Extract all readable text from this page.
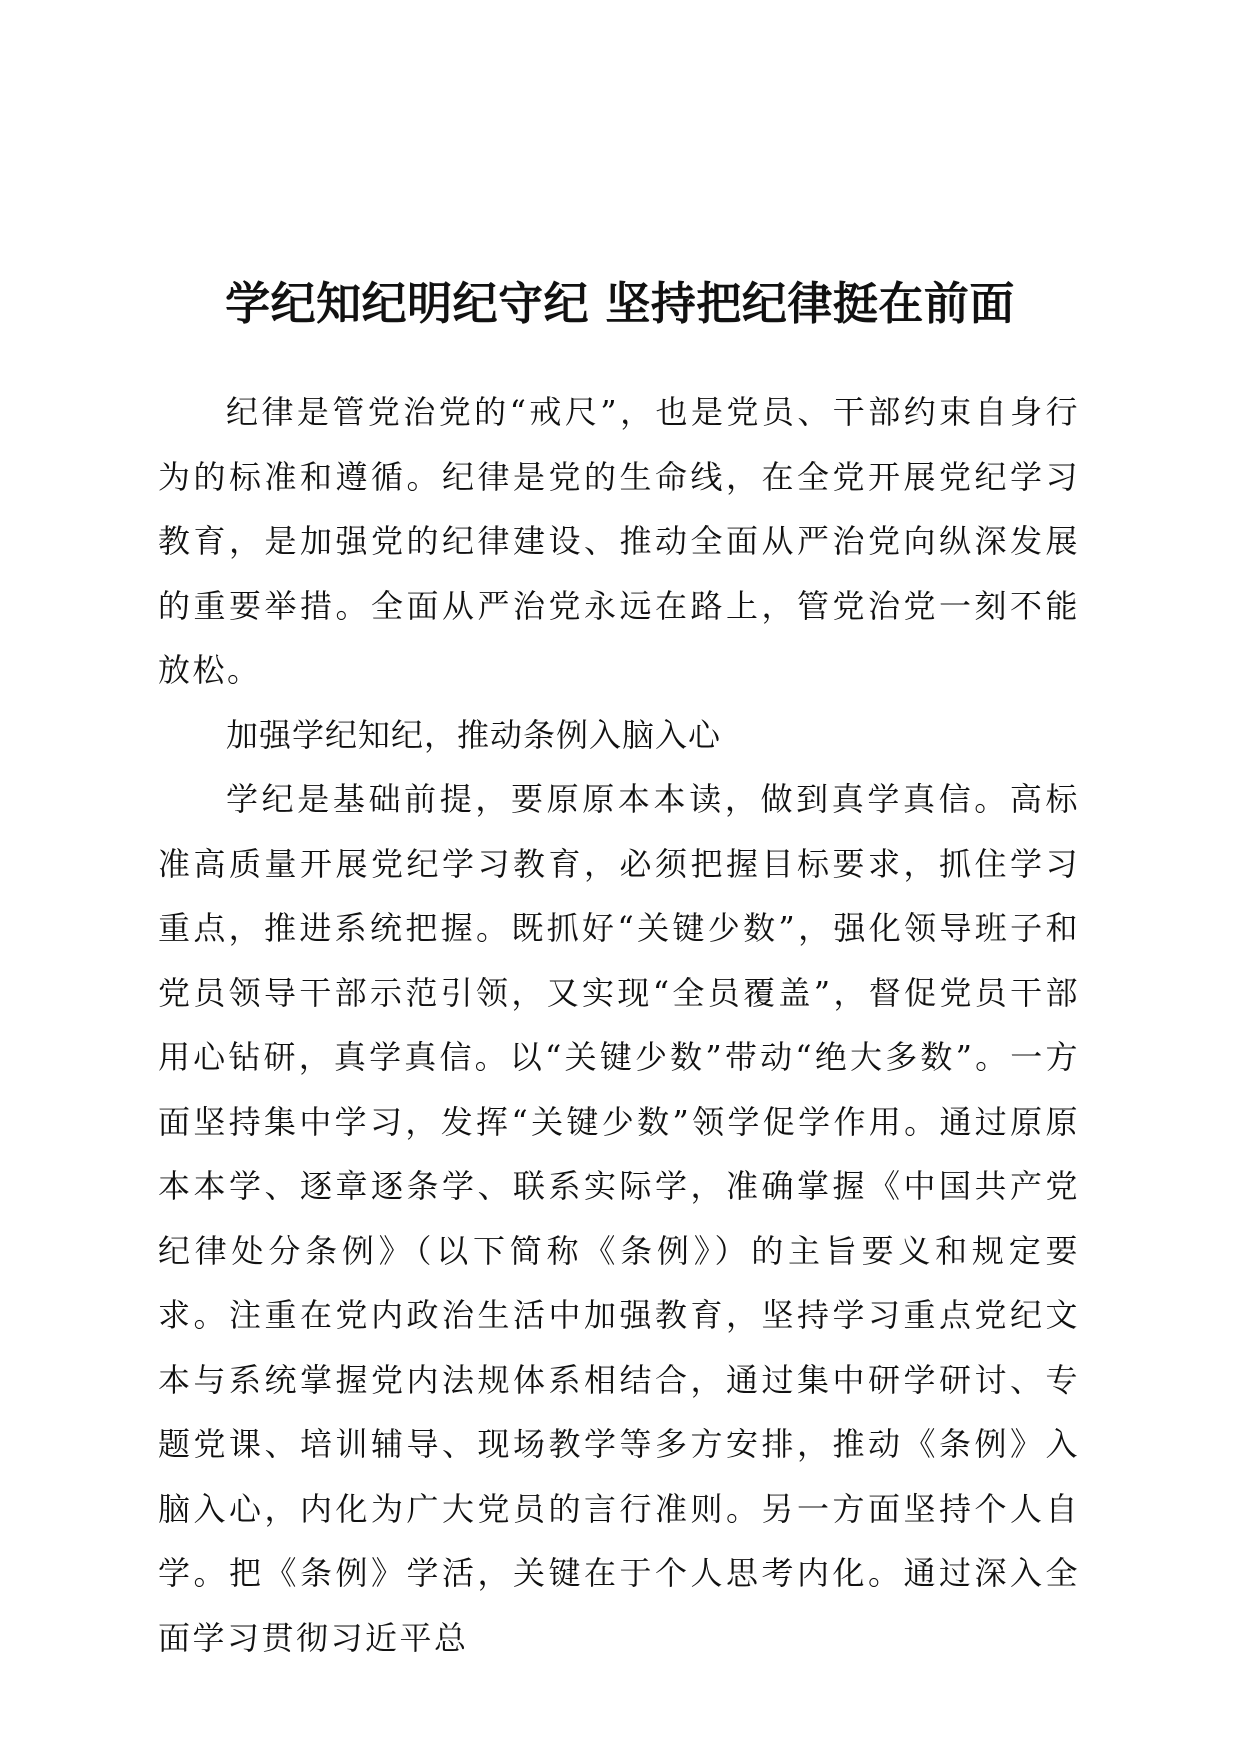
学纪知纪明纪守纪 坚持把纪律挺在前面

纪律是管党治党的“戒尺”，也是党员、干部约束自身行为的标准和遵循。纪律是党的生命线，在全党开展党纪学习教育，是加强党的纪律建设、推动全面从严治党向纵深发展的重要举措。全面从严治党永远在路上，管党治党一刻不能放松。

加强学纪知纪，推动条例入脑入心

学纪是基础前提，要原原本本读，做到真学真信。高标准高质量开展党纪学习教育，必须把握目标要求，抓住学习重点，推进系统把握。既抓好“关键少数”，强化领导班子和党员领导干部示范引领，又实现“全员覆盖”，督促党员干部用心钻研，真学真信。以“关键少数”带动“绝大多数”。一方面坚持集中学习，发挥“关键少数”领学促学作用。通过原原本本学、逐章逐条学、联系实际学，准确掌握《中国共产党纪律处分条例》（以下简称《条例》）的主旨要义和规定要求。注重在党内政治生活中加强教育，坚持学习重点党纪文本与系统掌握党内法规体系相结合，通过集中研学研讨、专题党课、培训辅导、现场教学等多方安排，推动《条例》入脑入心，内化为广大党员的言行准则。另一方面坚持个人自学。把《条例》学活，关键在于个人思考内化。通过深入全面学习贯彻习近平总
